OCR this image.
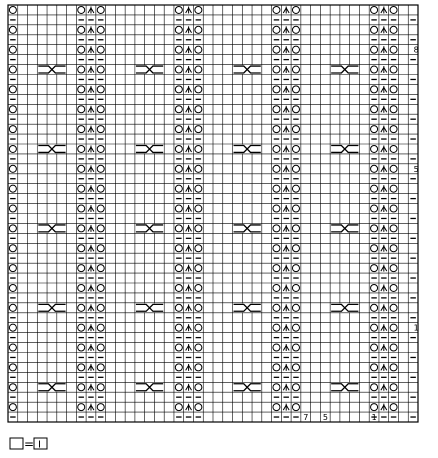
1
5
8
7 5	1
= I
